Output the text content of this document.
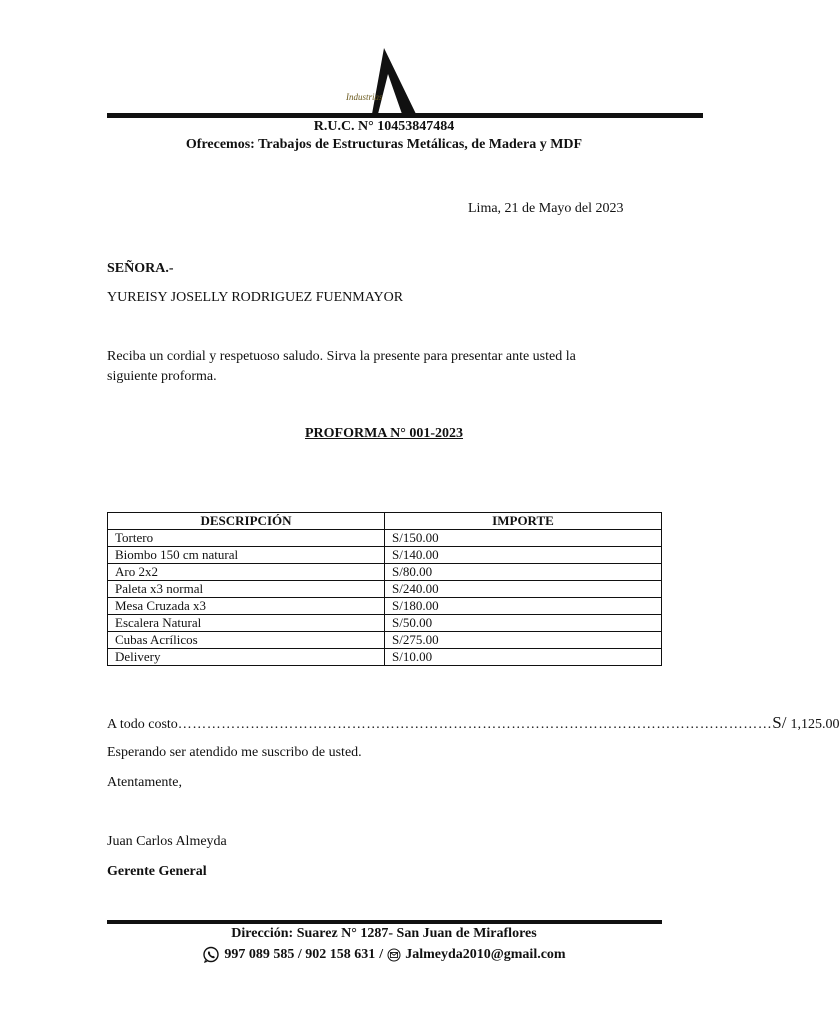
Industrias
R.U.C. N° 10453847484
Ofrecemos: Trabajos de Estructuras Metálicas, de Madera y MDF
Lima, 21 de Mayo del 2023
SEÑORA.-
YUREISY JOSELLY RODRIGUEZ FUENMAYOR
Reciba un cordial y respetuoso saludo. Sirva la presente para presentar ante usted la
siguiente proforma.
PROFORMA N° 001-2023
DESCRIPCIÓN	IMPORTE
Tortero	S/150.00
Biombo 150 cm natural	S/140.00
Aro 2x2	S/80.00
Paleta x3 normal	S/240.00
Mesa Cruzada x3	S/180.00
Escalera Natural	S/50.00
Cubas Acrílicos	S/275.00
Delivery	S/10.00
A todo costo …………………………………………………………………………………………………………… S/ 1,125.00
Esperando ser atendido me suscribo de usted.
Atentamente,
Juan Carlos Almeyda
Gerente General
Dirección: Suarez N° 1287- San Juan de Miraflores
997 089 585 / 902 158 631 / Jalmeyda2010@gmail.com
